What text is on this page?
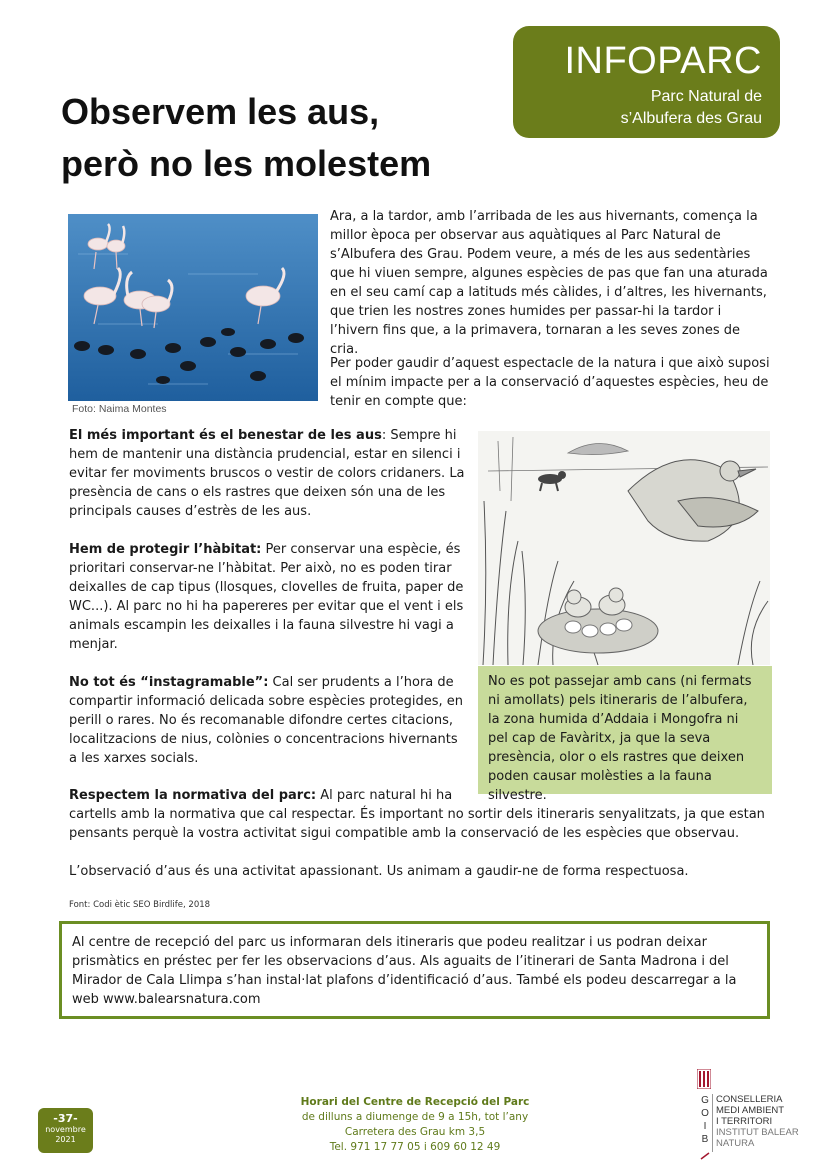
INFOPARC
Parc Natural de
s’Albufera des Grau
Observem les aus,
però no les molestem
Foto: Naima Montes
Ara, a la tardor, amb l’arribada de les aus hivernants, comença la millor època per observar aus aquàtiques al Parc Natural de s’Albufera des Grau. Podem veure, a més de les aus sedentàries que hi viuen sempre, algunes espècies de pas que fan una aturada en el seu camí cap a latituds més càlides, i d’altres, les hivernants, que trien les nostres zones humides per passar-hi la tardor i l’hivern fins que, a la primavera, tornaran a les seves zones de cria.
Per poder gaudir d’aquest espectacle de la natura i que això suposi el mínim impacte per a la conservació d’aquestes espècies, heu de tenir en compte que:

El més important és el benestar de les aus: Sempre hi hem de mantenir una distància prudencial, estar en silenci i evitar fer moviments bruscos o vestir de colors cridaners. La presència de cans o els rastres que deixen són una de les principals causes d’estrès de les aus.

Hem de protegir l’hàbitat: Per conservar una espècie, és prioritari conservar-ne l’hàbitat. Per això, no es poden tirar deixalles de cap tipus (llosques, clovelles de fruita, paper de WC...). Al parc no hi ha papereres per evitar que el vent i els animals escampin les deixalles i la fauna silvestre hi vagi a menjar.

No tot és “instagramable”: Cal ser prudents a l’hora de compartir informació delicada sobre espècies protegides, en perill o rares. No és recomanable difondre certes citacions, localitzacions de nius, colònies o concentracions hivernants a les xarxes socials.

No es pot passejar amb cans (ni fermats ni amollats) pels itineraris de l’albufera, la zona humida d’Addaia i Mongofra ni pel cap de Favàritx, ja que la seva presència, olor o els rastres que deixen poden causar molèsties a la fauna silvestre.
Respectem la normativa del parc: Al parc natural hi ha
cartells amb la normativa que cal respectar. És important no sortir dels itineraris senyalitzats, ja que estan
pensants perquè la vostra activitat sigui compatible amb la conservació de les espècies que observau.
L’observació d’aus és una activitat apassionant. Us animam a gaudir-ne de forma respectuosa.
Font: Codi ètic SEO Birdlife, 2018
Al centre de recepció del parc us informaran dels itineraris que podeu realitzar i us podran deixar prismàtics en préstec per fer les observacions d’aus. Als aguaits de l’itinerari de Santa Madrona i del Mirador de Cala Llimpa s’han instal·lat plafons d’identificació d’aus. També els podeu descarregar a la web www.balearsnatura.com
-37-
novembre
2021
Horari del Centre de Recepció del Parc
de dilluns a diumenge de 9 a 15h, tot l’any
Carretera des Grau km 3,5
Tel. 971 17 77 05 i 609 60 12 49
G
O
I
B
CONSELLERIA
MEDI AMBIENT
I TERRITORI
INSTITUT BALEAR
NATURA
